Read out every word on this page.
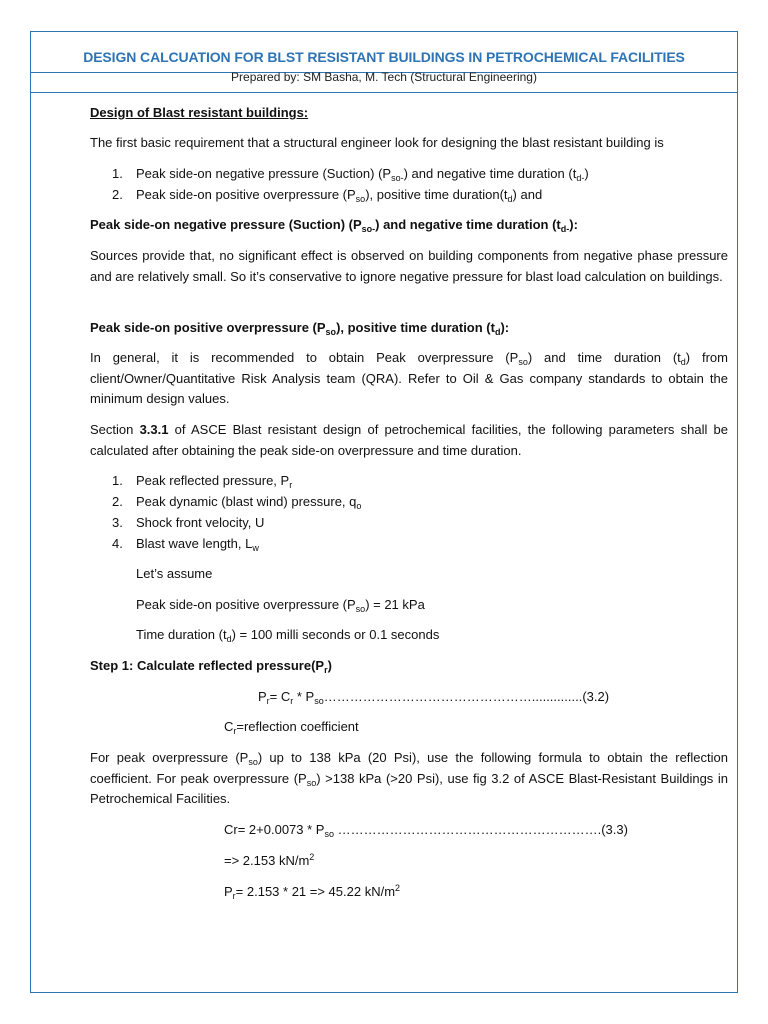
DESIGN CALCUATION FOR BLST RESISTANT BUILDINGS IN PETROCHEMICAL FACILITIES
Prepared by: SM Basha, M. Tech (Structural Engineering)
Design of Blast resistant buildings:
The first basic requirement that a structural engineer look for designing the blast resistant building is
1. Peak side-on negative pressure (Suction) $(P_{so-})$ and negative time duration $(t_{d-})$
2. Peak side-on positive overpressure $(P_{so})$, positive time $duration(t_d)$ and
Peak side-on negative pressure (Suction) $(P_{so-})$ and negative time duration $(t_{d-})$:
Sources provide that, no significant effect is observed on building components from negative phase pressure and are relatively small. So it’s conservative to ignore negative pressure for blast load calculation on buildings.
Peak side-on positive overpressure $(P_{so})$, positive time duration $(t_d)$:
In general, it is recommended to obtain Peak overpressure $(P_{so})$ and time duration $(t_d)$ from client/Owner/Quantitative Risk Analysis team (QRA). Refer to Oil & Gas company standards to obtain the minimum design values.
Section 3.3.1 of ASCE Blast resistant design of petrochemical facilities, the following parameters shall be calculated after obtaining the peak side-on overpressure and time duration.
1. Peak reflected pressure, $P_r$
2. Peak dynamic (blast wind) pressure, $q_o$
3. Shock front velocity, U
4. Blast wave length, $L_w$
Let’s assume
Peak side-on positive overpressure $(P_{so}) = 21$ kPa
Time duration $(t_d) = 100$ milli seconds or 0.1 seconds
Step 1: Calculate reflected $pressure(P_r)$
$P_r= C_r$ * $P_{so}\dots\dots\dots\dots\dots\dots\dots\dots\dots\dots\dots\dots\dots\dots\dots\dots..............(3.2)$
$C_r=reflection$ coefficient
For peak overpressure $(P_{so})$ up to 138 kPa (20 Psi), use the following formula to obtain the reflection coefficient. For peak overpressure $(P_{so}) >138$ kPa (>20 Psi), use fig 3.2 of ASCE Blast-Resistant Buildings in Petrochemical Facilities.
$Cr= 2+0.0073 * P_{so}$ …………………………………………………….(3.3)
=> 2.153 $kN/m^2$
$P_r= 2.153 * 21 => 45.22$ $kN/m^2$
